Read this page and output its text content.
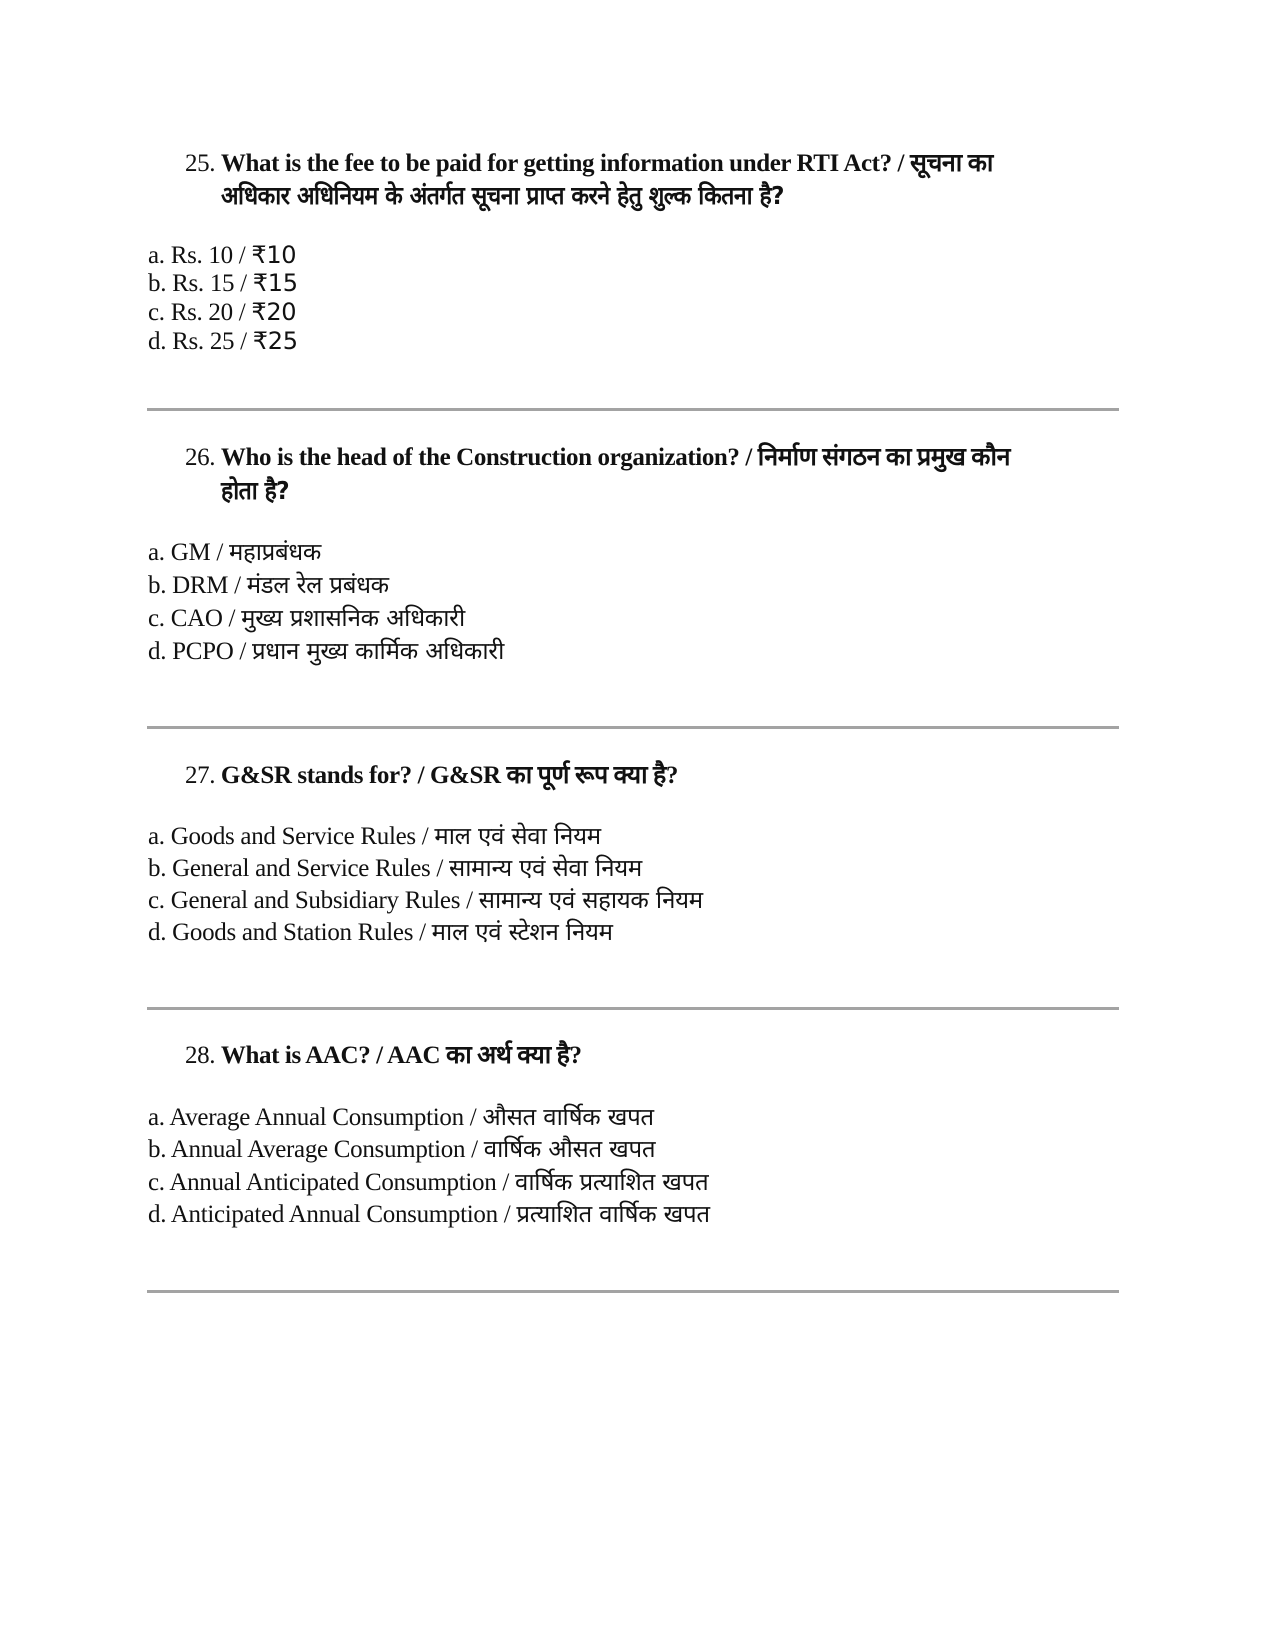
25. What is the fee to be paid for getting information under RTI Act? / सूचना का
अधिकार अधिनियम के अंतर्गत सूचना प्राप्त करने हेतु शुल्क कितना है?
a. Rs. 10 / ₹10
b. Rs. 15 / ₹15
c. Rs. 20 / ₹20
d. Rs. 25 / ₹25
26. Who is the head of the Construction organization? / निर्माण संगठन का प्रमुख कौन
होता है?
a. GM / महाप्रबंधक
b. DRM / मंडल रेल प्रबंधक
c. CAO / मुख्य प्रशासनिक अधिकारी
d. PCPO / प्रधान मुख्य कार्मिक अधिकारी
27. G&SR stands for? / G&SR का पूर्ण रूप क्या है?
a. Goods and Service Rules / माल एवं सेवा नियम
b. General and Service Rules / सामान्य एवं सेवा नियम
c. General and Subsidiary Rules / सामान्य एवं सहायक नियम
d. Goods and Station Rules / माल एवं स्टेशन नियम
28. What is AAC? / AAC का अर्थ क्या है?
a. Average Annual Consumption / औसत वार्षिक खपत
b. Annual Average Consumption / वार्षिक औसत खपत
c. Annual Anticipated Consumption / वार्षिक प्रत्याशित खपत
d. Anticipated Annual Consumption / प्रत्याशित वार्षिक खपत
